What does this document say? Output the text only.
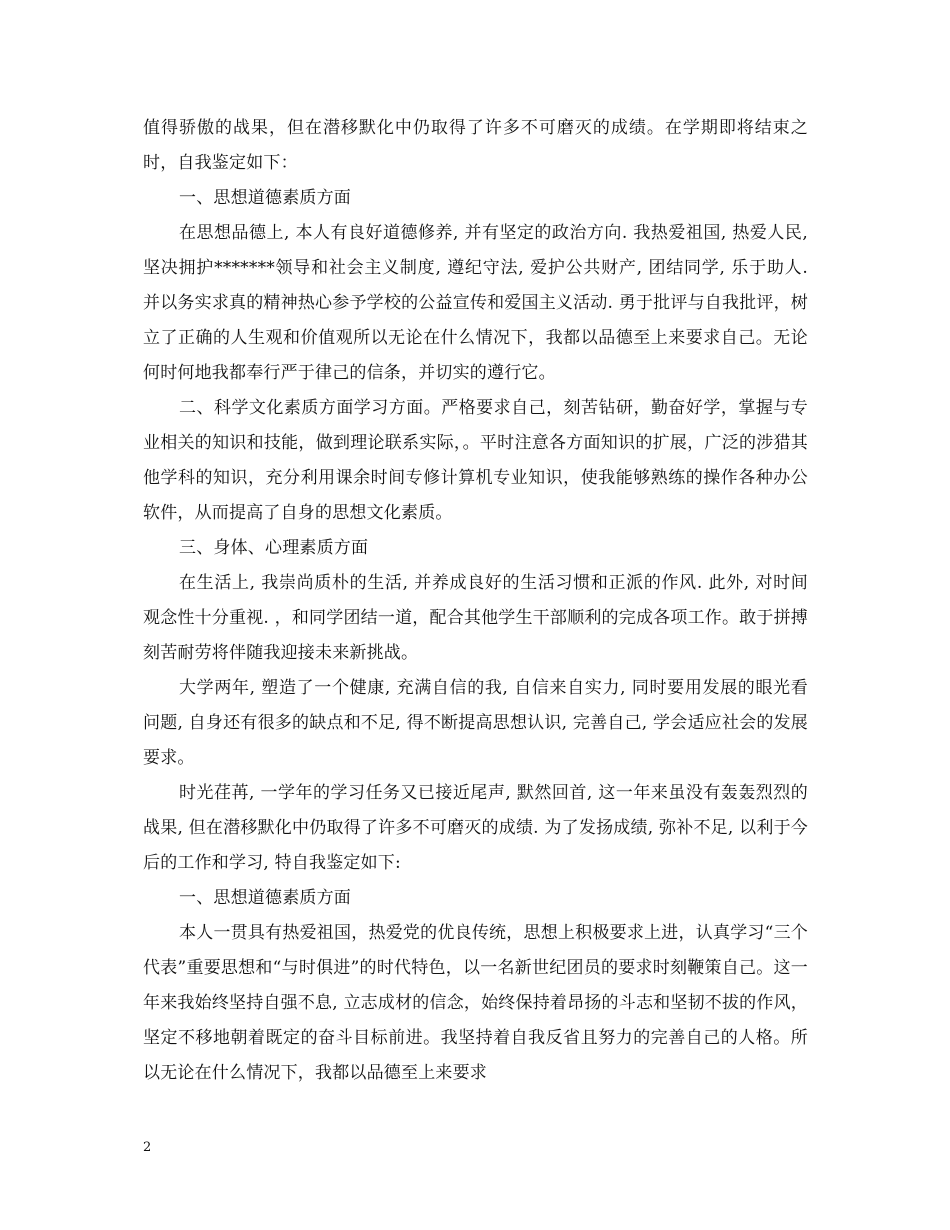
值得骄傲的战果，但在潜移默化中仍取得了许多不可磨灭的成绩。在学期即将结束之时，自我鉴定如下：

一、思想道德素质方面

在思想品德上, 本人有良好道德修养, 并有坚定的政治方向. 我热爱祖国, 热爱人民, 坚决拥护*******领导和社会主义制度, 遵纪守法, 爱护公共财产, 团结同学, 乐于助人. 并以务实求真的精神热心参予学校的公益宣传和爱国主义活动. 勇于批评与自我批评，树立了正确的人生观和价值观所以无论在什么情况下，我都以品德至上来要求自己。无论何时何地我都奉行严于律己的信条，并切实的遵行它。

二、科学文化素质方面学习方面。严格要求自己，刻苦钻研，勤奋好学，掌握与专业相关的知识和技能，做到理论联系实际，。平时注意各方面知识的扩展，广泛的涉猎其他学科的知识，充分利用课余时间专修计算机专业知识，使我能够熟练的操作各种办公软件，从而提高了自身的思想文化素质。

三、身体、心理素质方面

在生活上, 我崇尚质朴的生活, 并养成良好的生活习惯和正派的作风. 此外, 对时间观念性十分重视. ，和同学团结一道，配合其他学生干部顺利的完成各项工作。敢于拼搏刻苦耐劳将伴随我迎接未来新挑战。

大学两年, 塑造了一个健康, 充满自信的我, 自信来自实力, 同时要用发展的眼光看问题, 自身还有很多的缺点和不足, 得不断提高思想认识, 完善自己, 学会适应社会的发展要求。

时光荏苒, 一学年的学习任务又已接近尾声, 默然回首, 这一年来虽没有轰轰烈烈的战果, 但在潜移默化中仍取得了许多不可磨灭的成绩. 为了发扬成绩, 弥补不足, 以利于今后的工作和学习, 特自我鉴定如下:

一、思想道德素质方面

本人一贯具有热爱祖国，热爱党的优良传统，思想上积极要求上进，认真学习“三个代表”重要思想和“与时俱进”的时代特色，以一名新世纪团员的要求时刻鞭策自己。这一年来我始终坚持自强不息, 立志成材的信念，始终保持着昂扬的斗志和坚韧不拔的作风，坚定不移地朝着既定的奋斗目标前进。我坚持着自我反省且努力的完善自己的人格。所以无论在什么情况下，我都以品德至上来要求

2
